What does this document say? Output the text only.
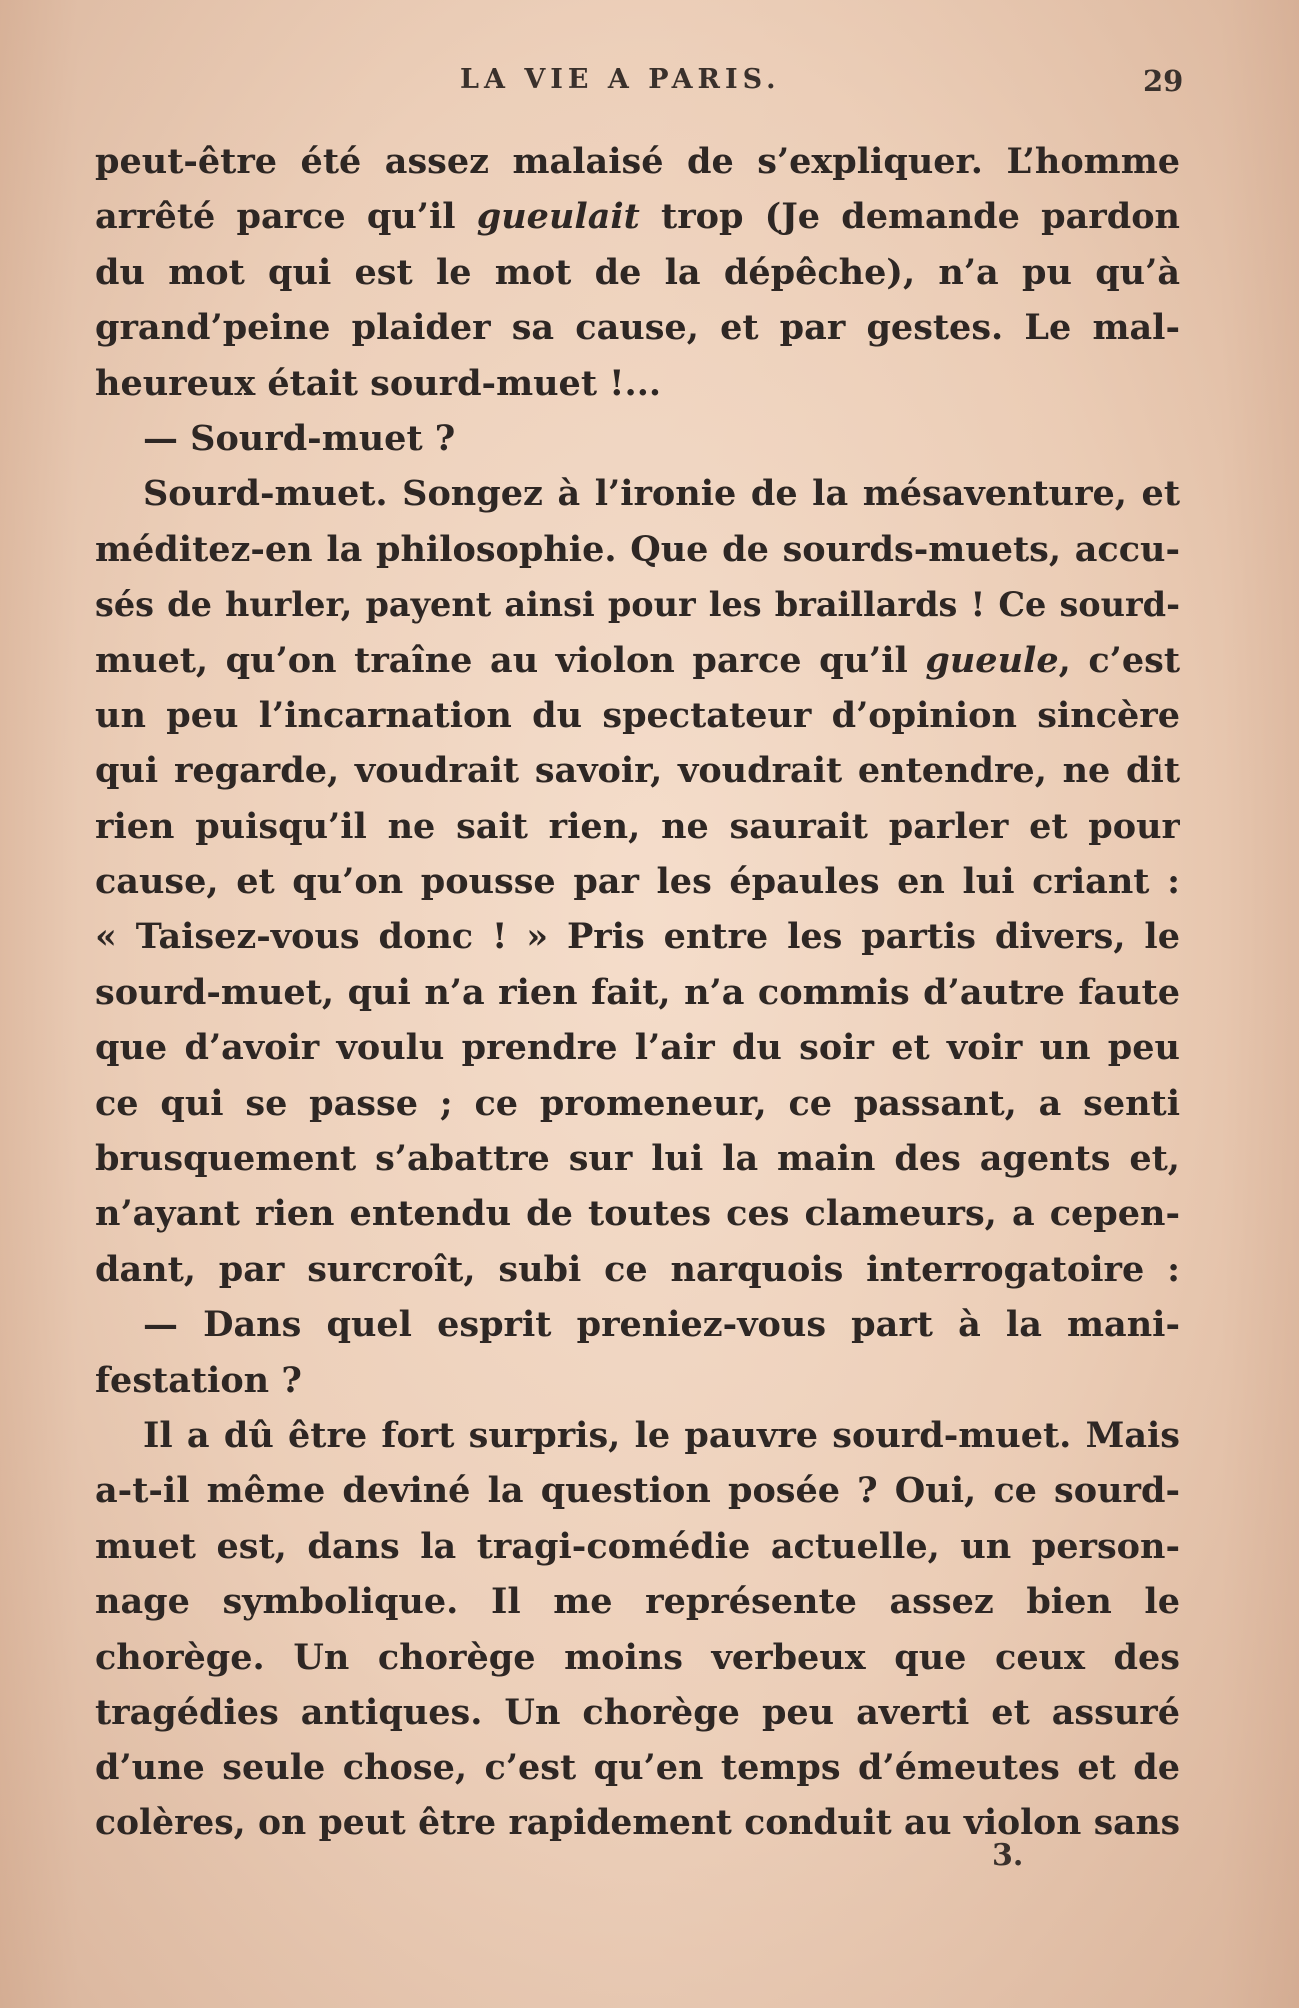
LA VIE A PARIS.	29
peut-être été assez malaisé de s’expliquer. L’homme
arrêté parce qu’il gueulait trop (Je demande pardon
du mot qui est le mot de la dépêche), n’a pu qu’à
grand’peine plaider sa cause, et par gestes. Le mal-
heureux était sourd-muet !...
— Sourd-muet ?
Sourd-muet. Songez à l’ironie de la mésaventure, et
méditez-en la philosophie. Que de sourds-muets, accu-
sés de hurler, payent ainsi pour les braillards ! Ce sourd-
muet, qu’on traîne au violon parce qu’il gueule, c’est
un peu l’incarnation du spectateur d’opinion sincère
qui regarde, voudrait savoir, voudrait entendre, ne dit
rien puisqu’il ne sait rien, ne saurait parler et pour
cause, et qu’on pousse par les épaules en lui criant :
« Taisez-vous donc ! » Pris entre les partis divers, le
sourd-muet, qui n’a rien fait, n’a commis d’autre faute
que d’avoir voulu prendre l’air du soir et voir un peu
ce qui se passe ; ce promeneur, ce passant, a senti
brusquement s’abattre sur lui la main des agents et,
n’ayant rien entendu de toutes ces clameurs, a cepen-
dant, par surcroît, subi ce narquois interrogatoire :
— Dans quel esprit preniez-vous part à la mani-
festation ?
Il a dû être fort surpris, le pauvre sourd-muet. Mais
a-t-il même deviné la question posée ? Oui, ce sourd-
muet est, dans la tragi-comédie actuelle, un person-
nage symbolique. Il me représente assez bien le
chorège. Un chorège moins verbeux que ceux des
tragédies antiques. Un chorège peu averti et assuré
d’une seule chose, c’est qu’en temps d’émeutes et de
colères, on peut être rapidement conduit au violon sans
3.
